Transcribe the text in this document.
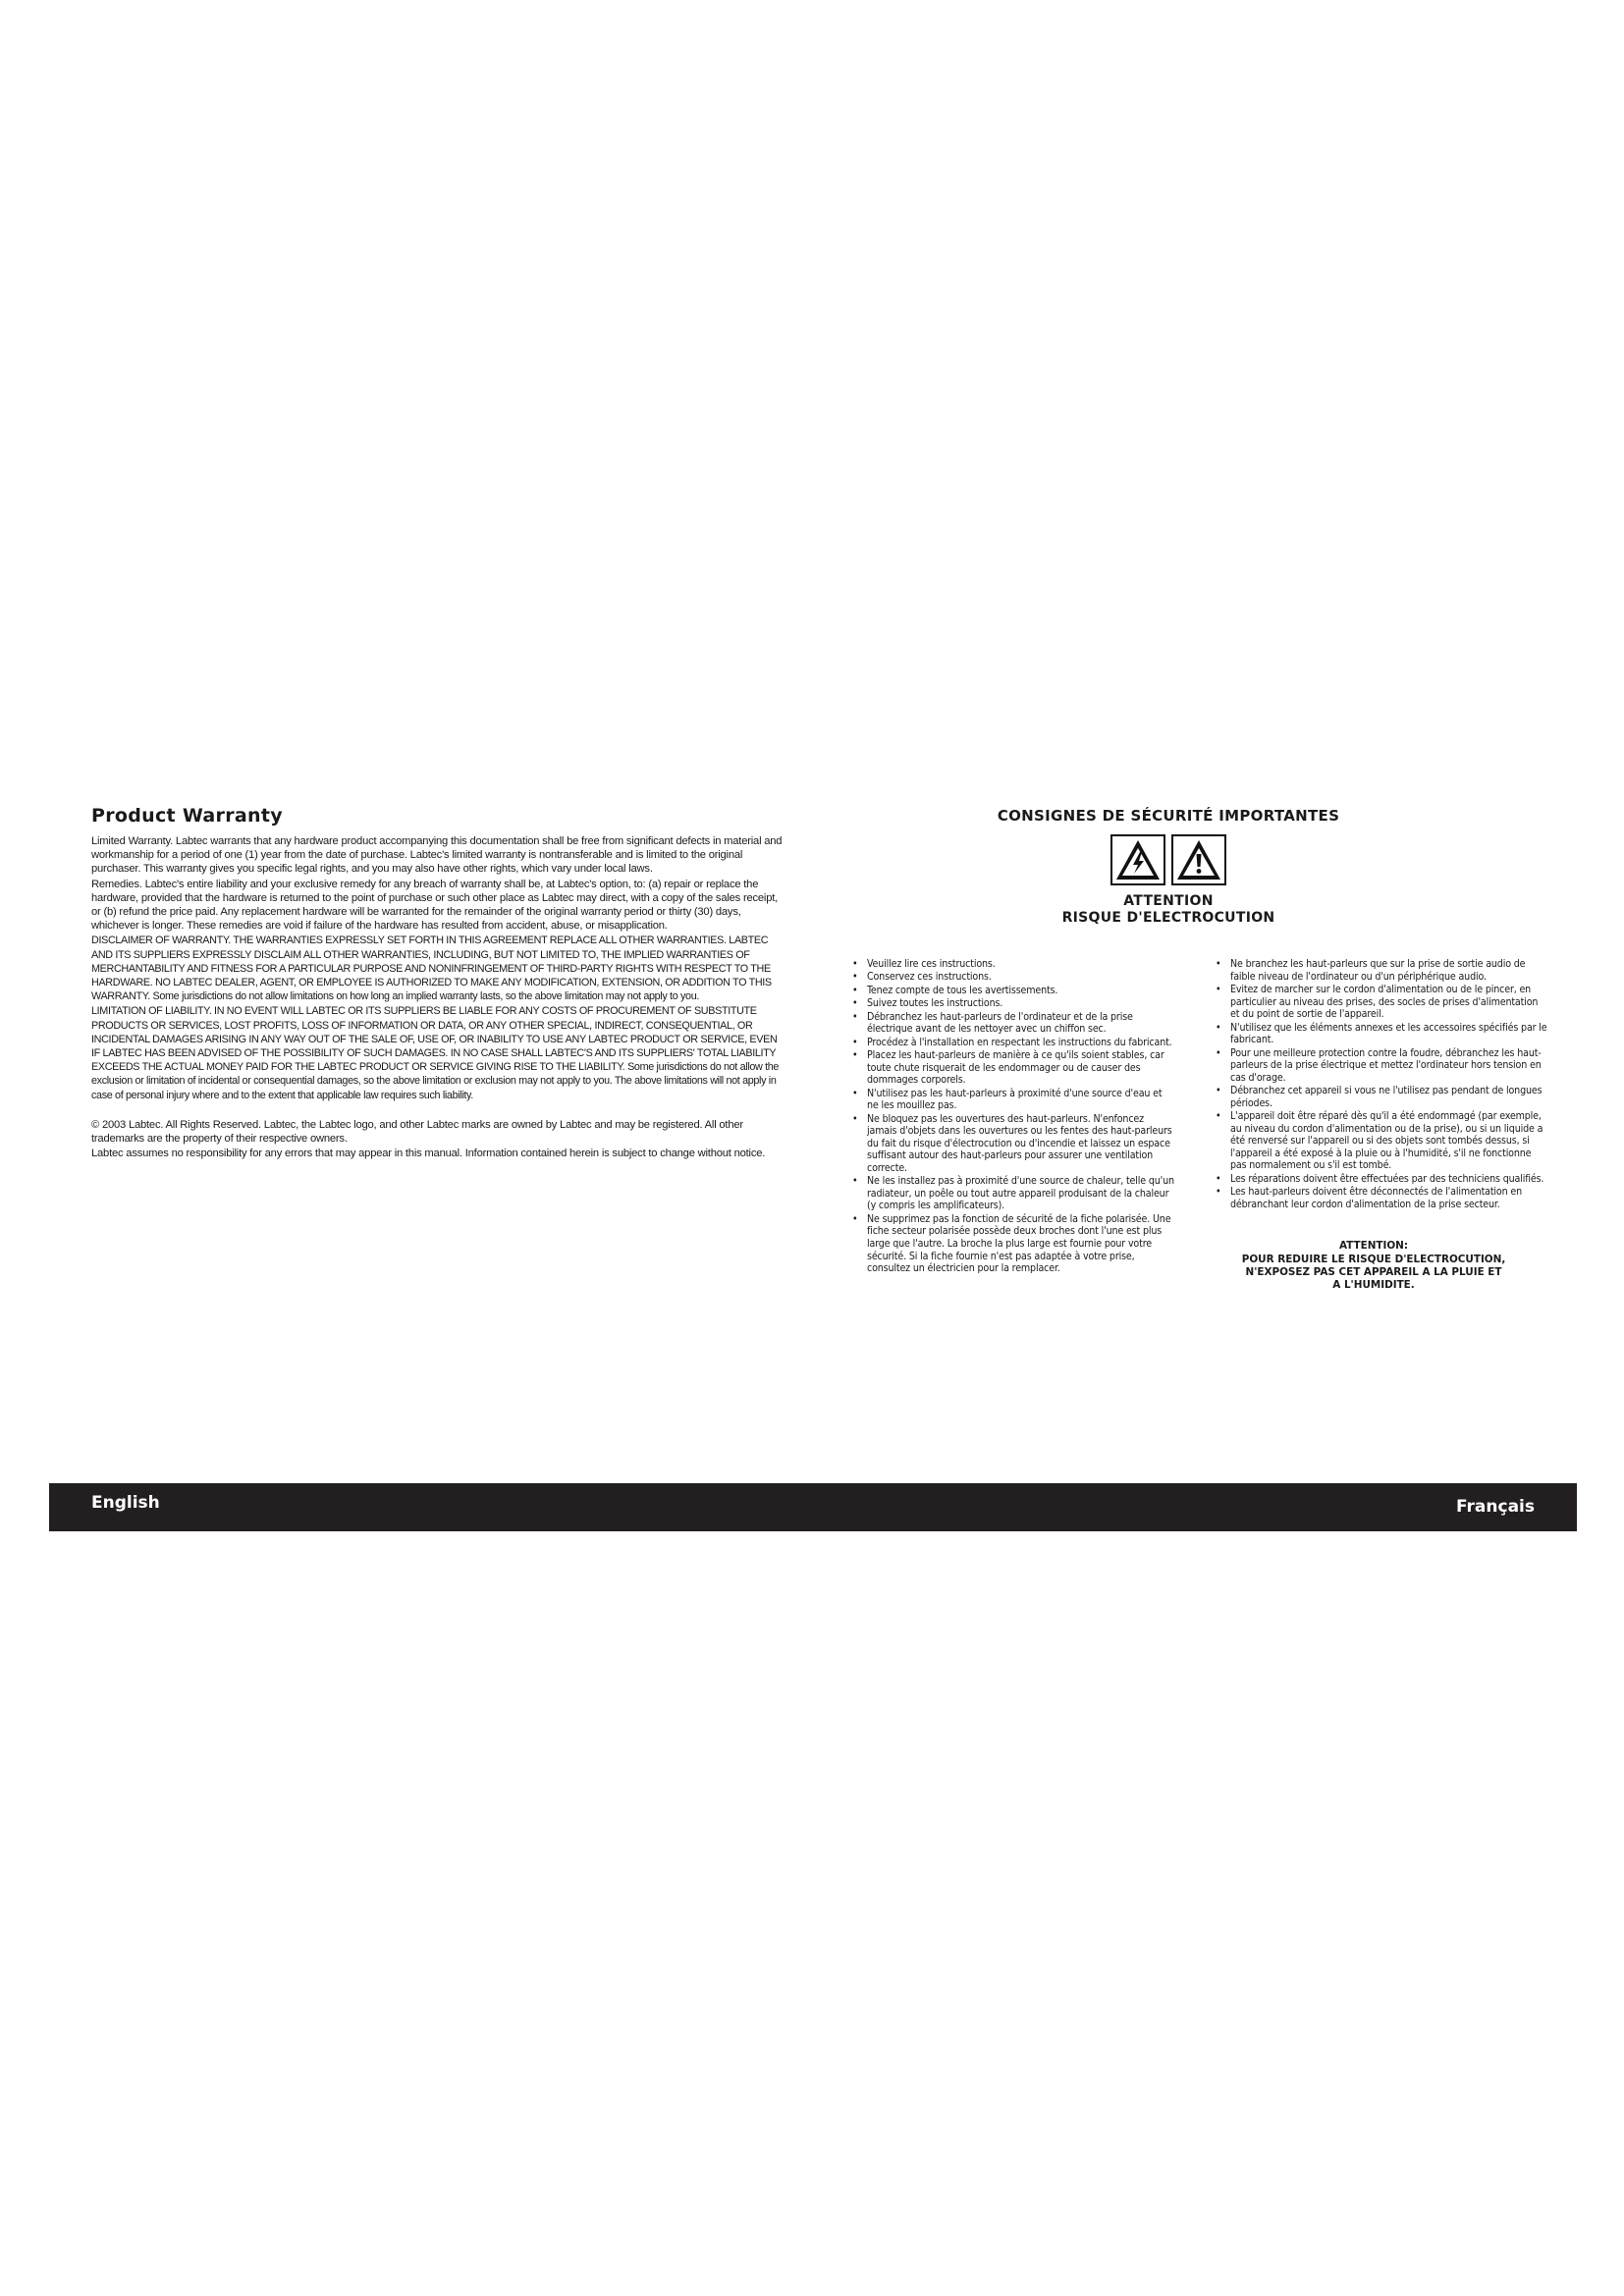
Product Warranty

Limited Warranty. Labtec warrants that any hardware product accompanying this documentation shall be free from significant defects in material and workmanship for a period of one (1) year from the date of purchase. Labtec's limited warranty is nontransferable and is limited to the original purchaser. This warranty gives you specific legal rights, and you may also have other rights, which vary under local laws.

Remedies. Labtec's entire liability and your exclusive remedy for any breach of warranty shall be, at Labtec's option, to: (a) repair or replace the hardware, provided that the hardware is returned to the point of purchase or such other place as Labtec may direct, with a copy of the sales receipt, or (b) refund the price paid. Any replacement hardware will be warranted for the remainder of the original warranty period or thirty (30) days, whichever is longer. These remedies are void if failure of the hardware has resulted from accident, abuse, or misapplication.

DISCLAIMER OF WARRANTY. THE WARRANTIES EXPRESSLY SET FORTH IN THIS AGREEMENT REPLACE ALL OTHER WARRANTIES. LABTEC AND ITS SUPPLIERS EXPRESSLY DISCLAIM ALL OTHER WARRANTIES, INCLUDING, BUT NOT LIMITED TO, THE IMPLIED WARRANTIES OF MERCHANTABILITY AND FITNESS FOR A PARTICULAR PURPOSE AND NONINFRINGEMENT OF THIRD-PARTY RIGHTS WITH RESPECT TO THE HARDWARE. NO LABTEC DEALER, AGENT, OR EMPLOYEE IS AUTHORIZED TO MAKE ANY MODIFICATION, EXTENSION, OR ADDITION TO THIS WARRANTY. Some jurisdictions do not allow limitations on how long an implied warranty lasts, so the above limitation may not apply to you.

LIMITATION OF LIABILITY. IN NO EVENT WILL LABTEC OR ITS SUPPLIERS BE LIABLE FOR ANY COSTS OF PROCUREMENT OF SUBSTITUTE PRODUCTS OR SERVICES, LOST PROFITS, LOSS OF INFORMATION OR DATA, OR ANY OTHER SPECIAL, INDIRECT, CONSEQUENTIAL, OR INCIDENTAL DAMAGES ARISING IN ANY WAY OUT OF THE SALE OF, USE OF, OR INABILITY TO USE ANY LABTEC PRODUCT OR SERVICE, EVEN IF LABTEC HAS BEEN ADVISED OF THE POSSIBILITY OF SUCH DAMAGES. IN NO CASE SHALL LABTEC'S AND ITS SUPPLIERS' TOTAL LIABILITY EXCEEDS THE ACTUAL MONEY PAID FOR THE LABTEC PRODUCT OR SERVICE GIVING RISE TO THE LIABILITY. Some jurisdictions do not allow the exclusion or limitation of incidental or consequential damages, so the above limitation or exclusion may not apply to you. The above limitations will not apply in case of personal injury where and to the extent that applicable law requires such liability.

© 2003 Labtec. All Rights Reserved. Labtec, the Labtec logo, and other Labtec marks are owned by Labtec and may be registered. All other trademarks are the property of their respective owners.

Labtec assumes no responsibility for any errors that may appear in this manual. Information contained herein is subject to change without notice.

CONSIGNES DE SÉCURITÉ IMPORTANTES
ATTENTION
RISQUE D'ELECTROCUTION
• Veuillez lire ces instructions.
• Conservez ces instructions.
• Tenez compte de tous les avertissements.
• Suivez toutes les instructions.
• Débranchez les haut-parleurs de l'ordinateur et de la prise électrique avant de les nettoyer avec un chiffon sec.
• Procédez à l'installation en respectant les instructions du fabricant.
• Placez les haut-parleurs de manière à ce qu'ils soient stables, car toute chute risquerait de les endommager ou de causer des dommages corporels.
• N'utilisez pas les haut-parleurs à proximité d'une source d'eau et ne les mouillez pas.
• Ne bloquez pas les ouvertures des haut-parleurs. N'enfoncez jamais d'objets dans les ouvertures ou les fentes des haut-parleurs du fait du risque d'électrocution ou d'incendie et laissez un espace suffisant autour des haut-parleurs pour assurer une ventilation correcte.
• Ne les installez pas à proximité d'une source de chaleur, telle qu'un radiateur, un poêle ou tout autre appareil produisant de la chaleur (y compris les amplificateurs).
• Ne supprimez pas la fonction de sécurité de la fiche polarisée. Une fiche secteur polarisée possède deux broches dont l'une est plus large que l'autre. La broche la plus large est fournie pour votre sécurité. Si la fiche fournie n'est pas adaptée à votre prise, consultez un électricien pour la remplacer.
• Ne branchez les haut-parleurs que sur la prise de sortie audio de faible niveau de l'ordinateur ou d'un périphérique audio.
• Evitez de marcher sur le cordon d'alimentation ou de le pincer, en particulier au niveau des prises, des socles de prises d'alimentation et du point de sortie de l'appareil.
• N'utilisez que les éléments annexes et les accessoires spécifiés par le fabricant.
• Pour une meilleure protection contre la foudre, débranchez les haut-parleurs de la prise électrique et mettez l'ordinateur hors tension en cas d'orage.
• Débranchez cet appareil si vous ne l'utilisez pas pendant de longues périodes.
• L'appareil doit être réparé dès qu'il a été endommagé (par exemple, au niveau du cordon d'alimentation ou de la prise), ou si un liquide a été renversé sur l'appareil ou si des objets sont tombés dessus, si l'appareil a été exposé à la pluie ou à l'humidité, s'il ne fonctionne pas normalement ou s'il est tombé.
• Les réparations doivent être effectuées par des techniciens qualifiés.
• Les haut-parleurs doivent être déconnectés de l'alimentation en débranchant leur cordon d'alimentation de la prise secteur.
ATTENTION:
POUR REDUIRE LE RISQUE D'ELECTROCUTION,
N'EXPOSEZ PAS CET APPAREIL A LA PLUIE ET
A L'HUMIDITE.
English	Français
